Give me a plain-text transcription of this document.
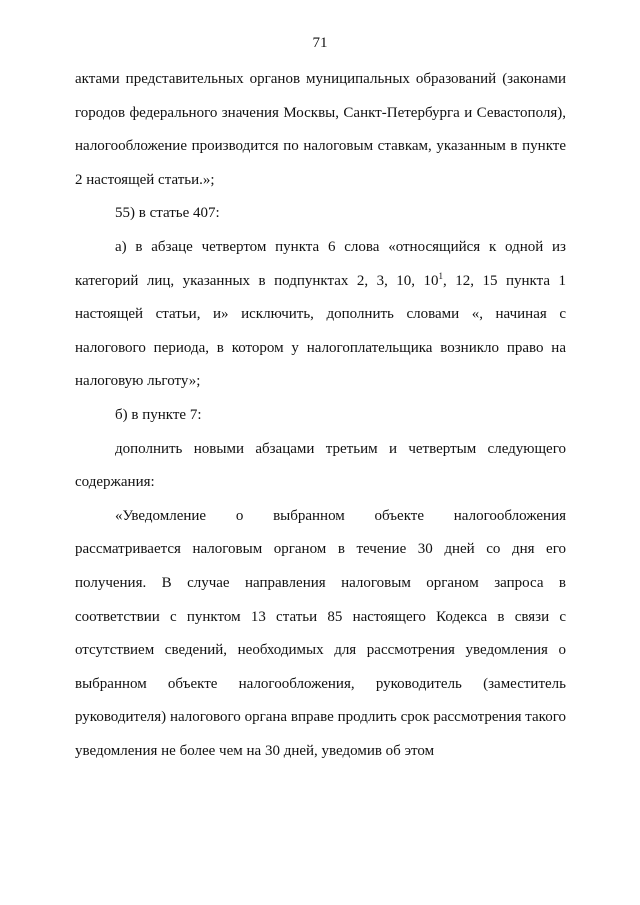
71

актами представительных органов муниципальных образований (законами городов федерального значения Москвы, Санкт-Петербурга и Севастополя), налогообложение производится по налоговым ставкам, указанным в пункте 2 настоящей статьи.»;

55) в статье 407:

а) в абзаце четвертом пункта 6 слова «относящийся к одной из категорий лиц, указанных в подпунктах 2, 3, 10, $10^1$, 12, 15 пункта 1 настоящей статьи, и» исключить, дополнить словами «, начиная с налогового периода, в котором у налогоплательщика возникло право на налоговую льготу»;

б) в пункте 7:

дополнить новыми абзацами третьим и четвертым следующего содержания:

«Уведомление о выбранном объекте налогообложения рассматривается налоговым органом в течение 30 дней со дня его получения. В случае направления налоговым органом запроса в соответствии с пунктом 13 статьи 85 настоящего Кодекса в связи с отсутствием сведений, необходимых для рассмотрения уведомления о выбранном объекте налогообложения, руководитель (заместитель руководителя) налогового органа вправе продлить срок рассмотрения такого уведомления не более чем на 30 дней, уведомив об этом
